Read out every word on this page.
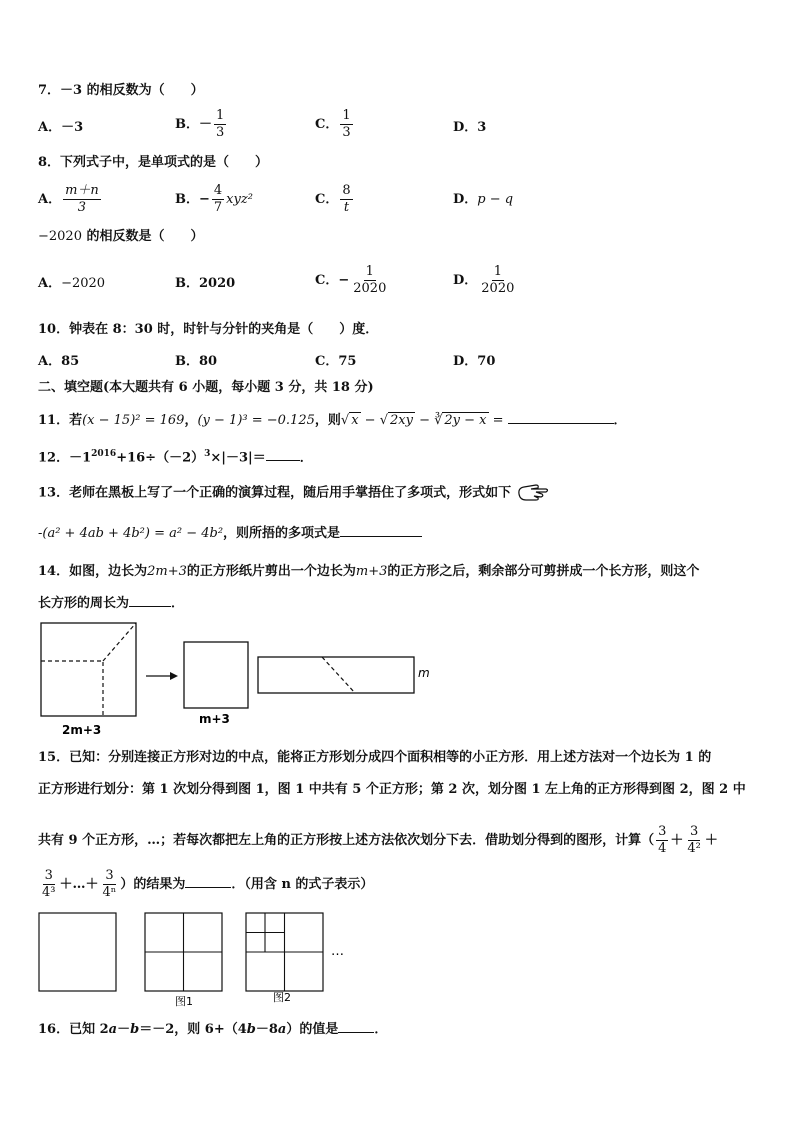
7．－3 的相反数为（　　）
A．－3	B．－ $\frac{1}{3}$	C． $\frac{1}{3}$	D．3
8．下列式子中，是单项式的是（　　）
A． $\frac{m+n}{3}$	B．− $\frac{4}{7} xyz^2$	C． $\frac{8}{t}$	D．p − q
−2020 的相反数是（　　）
A．−2020	B．2020	C．− $\frac{1}{2020}$	D． $\frac{1}{2020}$
10．钟表在 8：30 时，时针与分针的夹角是（　　）度．
A．85	B．80	C．75	D．70
二、填空题(本大题共有 6 小题，每小题 3 分，共 18 分)
11．若(x − 15)² = 169，(y − 1)³ = −0.125，则√ x − √ 2xy − ∛ 2y − x =	．
12．$-1^{2016}+16\div(-2)^3\times|-3|=$	．
13．老师在黑板上写了一个正确的演算过程，随后用手掌捂住了多项式，形式如下
-(a² + 4ab + 4b²) = a² − 4b²，则所捂的多项式是
14．如图，边长为2m+3的正方形纸片剪出一个边长为m+3的正方形之后，剩余部分可剪拼成一个长方形，则这个
长方形的周长为	．
2m+3
m+3
m
15．已知：分别连接正方形对边的中点，能将正方形划分成四个面积相等的小正方形．用上述方法对一个边长为 1 的
正方形进行划分：第 1 次划分得到图 1，图 1 中共有 5 个正方形；第 2 次，划分图 1 左上角的正方形得到图 2，图 2 中
共有 9 个正方形，…；若每次都把左上角的正方形按上述方法依次划分下去．借助划分得到的图形，计算（ $\frac{3}{4} + \frac{3}{\text{4²}}$ ＋
$\frac{3}{\text{4³}}$ ＋…＋ $\frac{3}{\text{4ⁿ}}$ ）的结果为	．（用含 n 的式子表示）
图1	图2
…
16．已知 2a－b＝－2，则 6+（4b－8a）的值是	．
